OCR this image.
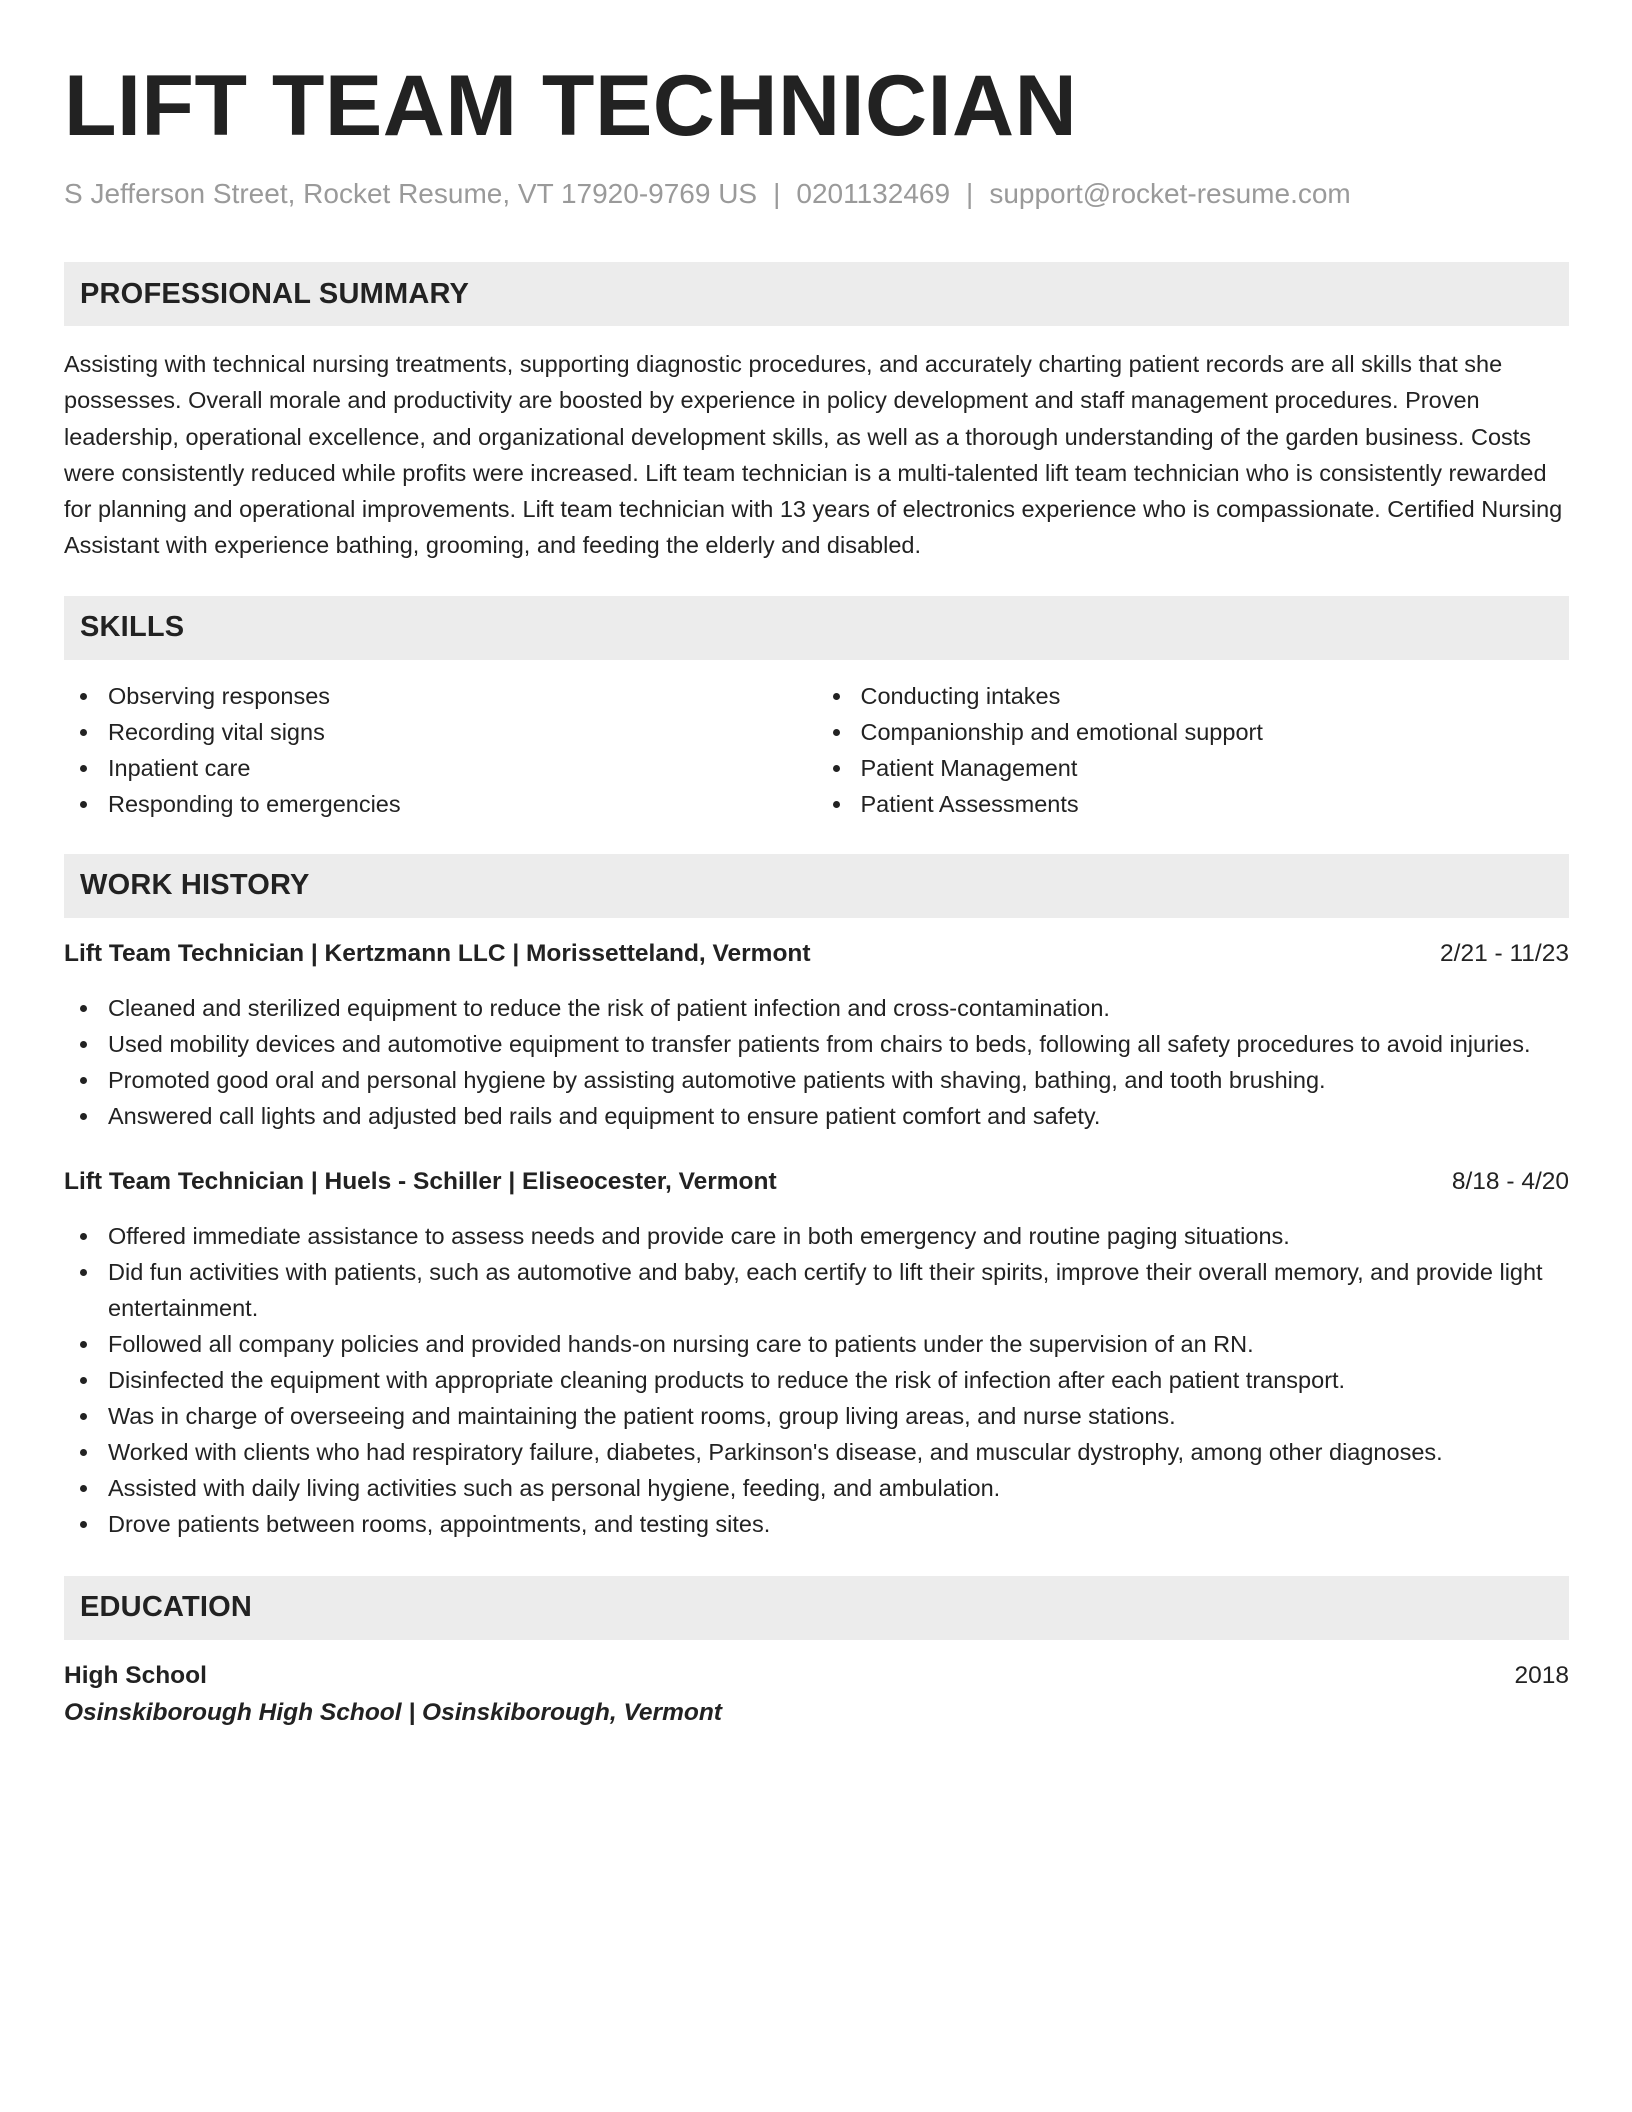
LIFT TEAM TECHNICIAN
S Jefferson Street, Rocket Resume, VT 17920-9769 US | 0201132469 | support@rocket-resume.com
PROFESSIONAL SUMMARY

Assisting with technical nursing treatments, supporting diagnostic procedures, and accurately charting patient records are all skills that she possesses. Overall morale and productivity are boosted by experience in policy development and staff management procedures. Proven leadership, operational excellence, and organizational development skills, as well as a thorough understanding of the garden business. Costs were consistently reduced while profits were increased. Lift team technician is a multi-talented lift team technician who is consistently rewarded for planning and operational improvements. Lift team technician with 13 years of electronics experience who is compassionate. Certified Nursing Assistant with experience bathing, grooming, and feeding the elderly and disabled.

SKILLS
Observing responses
Recording vital signs
Inpatient care
Responding to emergencies
Conducting intakes
Companionship and emotional support
Patient Management
Patient Assessments
WORK HISTORY
Lift Team Technician | Kertzmann LLC | Morissetteland, Vermont	2/21 - 11/23
Cleaned and sterilized equipment to reduce the risk of patient infection and cross-contamination.
Used mobility devices and automotive equipment to transfer patients from chairs to beds, following all safety procedures to avoid injuries.
Promoted good oral and personal hygiene by assisting automotive patients with shaving, bathing, and tooth brushing.
Answered call lights and adjusted bed rails and equipment to ensure patient comfort and safety.
Lift Team Technician | Huels - Schiller | Eliseocester, Vermont	8/18 - 4/20
Offered immediate assistance to assess needs and provide care in both emergency and routine paging situations.
Did fun activities with patients, such as automotive and baby, each certify to lift their spirits, improve their overall memory, and provide light entertainment.
Followed all company policies and provided hands-on nursing care to patients under the supervision of an RN.
Disinfected the equipment with appropriate cleaning products to reduce the risk of infection after each patient transport.
Was in charge of overseeing and maintaining the patient rooms, group living areas, and nurse stations.
Worked with clients who had respiratory failure, diabetes, Parkinson's disease, and muscular dystrophy, among other diagnoses.
Assisted with daily living activities such as personal hygiene, feeding, and ambulation.
Drove patients between rooms, appointments, and testing sites.
EDUCATION
High School	2018
Osinskiborough High School | Osinskiborough, Vermont
